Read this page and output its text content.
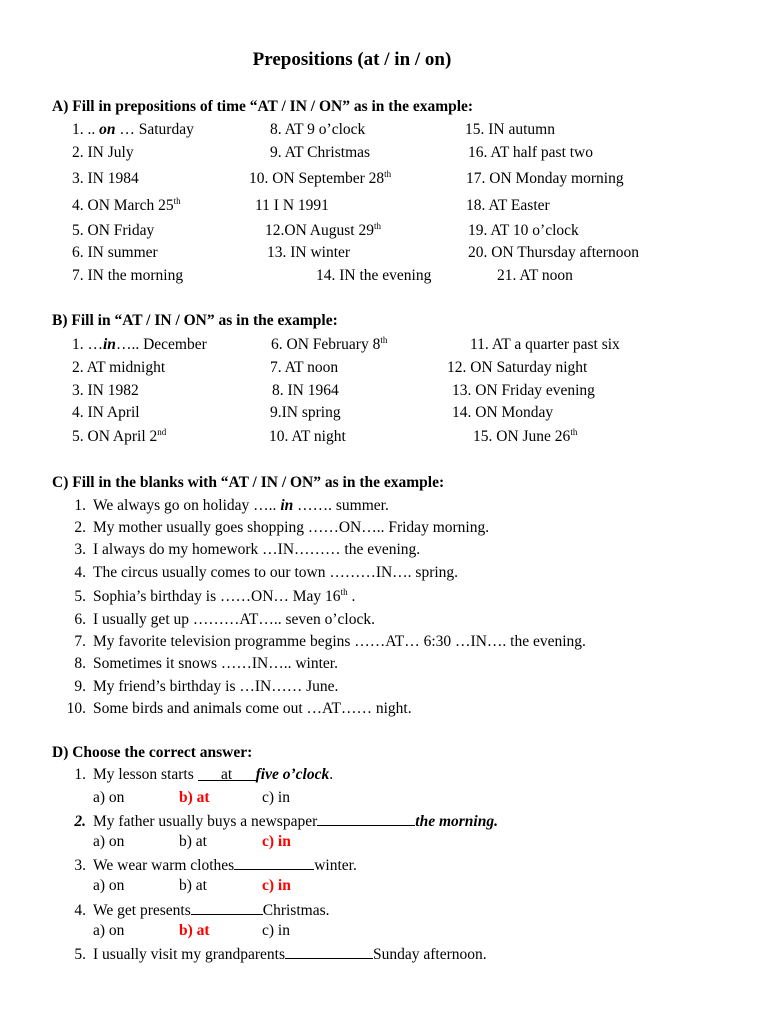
Prepositions (at / in / on)
A) Fill in prepositions of time “AT / IN / ON” as in the example:
1. .. on … Saturday	8. AT 9 o’clock	15. IN autumn
2. IN July	9. AT Christmas	16. AT half past two
3. IN 1984	10. ON September 28th	17. ON Monday morning
4. ON March 25th	11 I N 1991	18. AT Easter
5. ON Friday	12.ON August 29th	19. AT 10 o’clock
6. IN summer	13. IN winter	20. ON Thursday afternoon
7. IN the morning	14. IN the evening	21. AT noon
B) Fill in “AT / IN / ON” as in the example:
1. …in….. December	6. ON February 8th	11. AT a quarter past six
2. AT midnight	7. AT noon	12. ON Saturday night
3. IN 1982	8. IN 1964	13. ON Friday evening
4. IN April	9.IN spring	14. ON Monday
5. ON April 2nd	10. AT night	15. ON June 26th
C) Fill in the blanks with “AT / IN / ON” as in the example:
1. We always go on holiday ….. in ……. summer.
2. My mother usually goes shopping ……ON….. Friday morning.
3. I always do my homework …IN……… the evening.
4. The circus usually comes to our town ………IN…. spring.
5. Sophia’s birthday is ……ON… May 16th .
6. I usually get up ………AT….. seven o’clock.
7. My favorite television programme begins ……AT… 6:30 …IN…. the evening.
8. Sometimes it snows ……IN….. winter.
9. My friend’s birthday is …IN…… June.
10. Some birds and animals come out …AT…… night.
D) Choose the correct answer:
1. My lesson starts at five o’clock.
a) on	b) at	c) in
2. My father usually buys a newspaper	the morning.
a) on	b) at	c) in
3. We wear warm clothes	winter.
a) on	b) at	c) in
4. We get presents	Christmas.
a) on	b) at	c) in
5. I usually visit my grandparents	Sunday afternoon.
